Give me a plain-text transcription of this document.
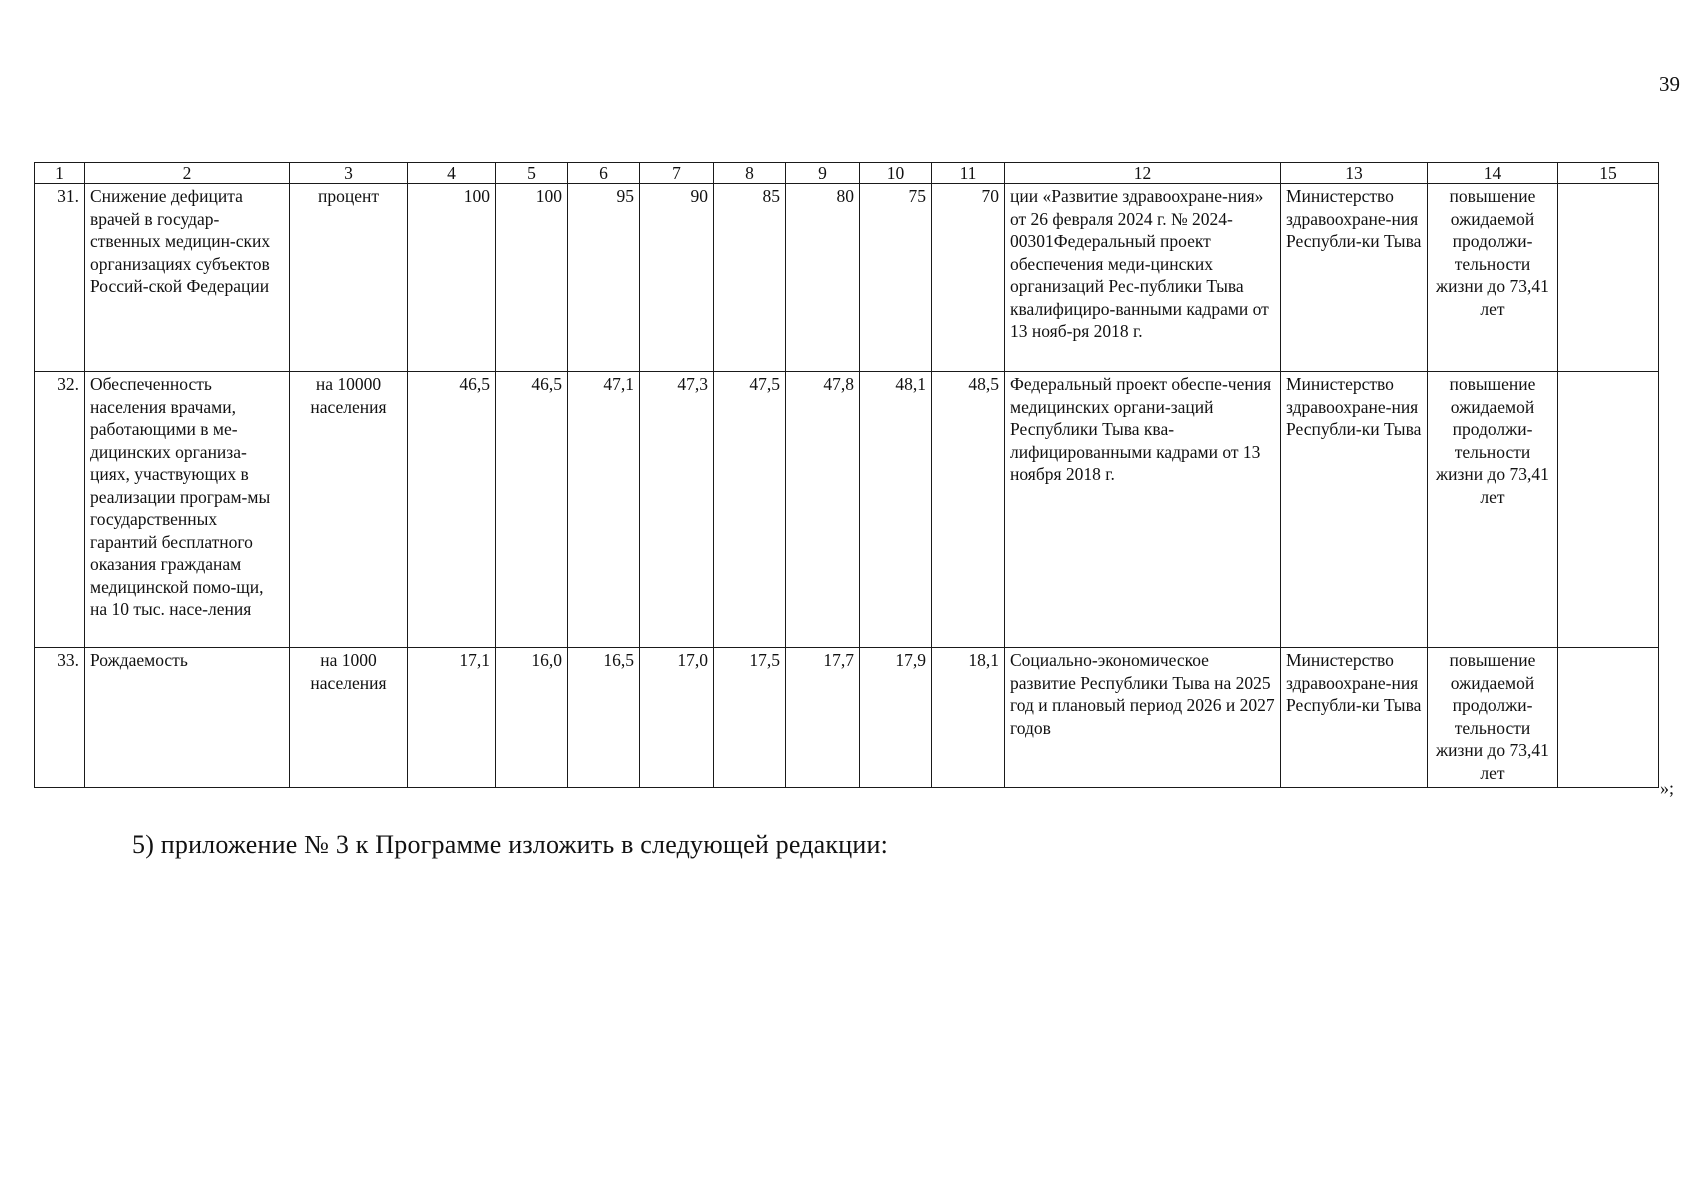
39
1	2	3	4	5	6	7	8	9	10	11	12	13	14	15
31.	Снижение дефицита врачей в государ-ственных медицин-ских организациях субъектов Россий-ской Федерации	процент	100	100	95	90	85	80	75	70	ции «Развитие здравоохране-ния» от 26 февраля 2024 г. № 2024-00301Федеральный проект обеспечения меди-цинских организаций Рес-публики Тыва квалифициро-ванными кадрами от 13 нояб-ря 2018 г.	Министерство здравоохране-ния Республи-ки Тыва	повышение ожидаемой продолжи-тельности жизни до 73,41 лет	
32.	Обеспеченность населения врачами, работающими в ме-дицинских организа-циях, участвующих в реализации програм-мы государственных гарантий бесплатного оказания гражданам медицинской помо-щи, на 10 тыс. насе-ления	на 10000 населения	46,5	46,5	47,1	47,3	47,5	47,8	48,1	48,5	Федеральный проект обеспе-чения медицинских органи-заций Республики Тыва ква-лифицированными кадрами от 13 ноября 2018 г.	Министерство здравоохране-ния Республи-ки Тыва	повышение ожидаемой продолжи-тельности жизни до 73,41 лет	
33.	Рождаемость	на 1000 населения	17,1	16,0	16,5	17,0	17,5	17,7	17,9	18,1	Социально-экономическое развитие Республики Тыва на 2025 год и плановый период 2026 и 2027 годов	Министерство здравоохране-ния Республи-ки Тыва	повышение ожидаемой продолжи-тельности жизни до 73,41 лет	
»;
5) приложение № 3 к Программе изложить в следующей редакции:
